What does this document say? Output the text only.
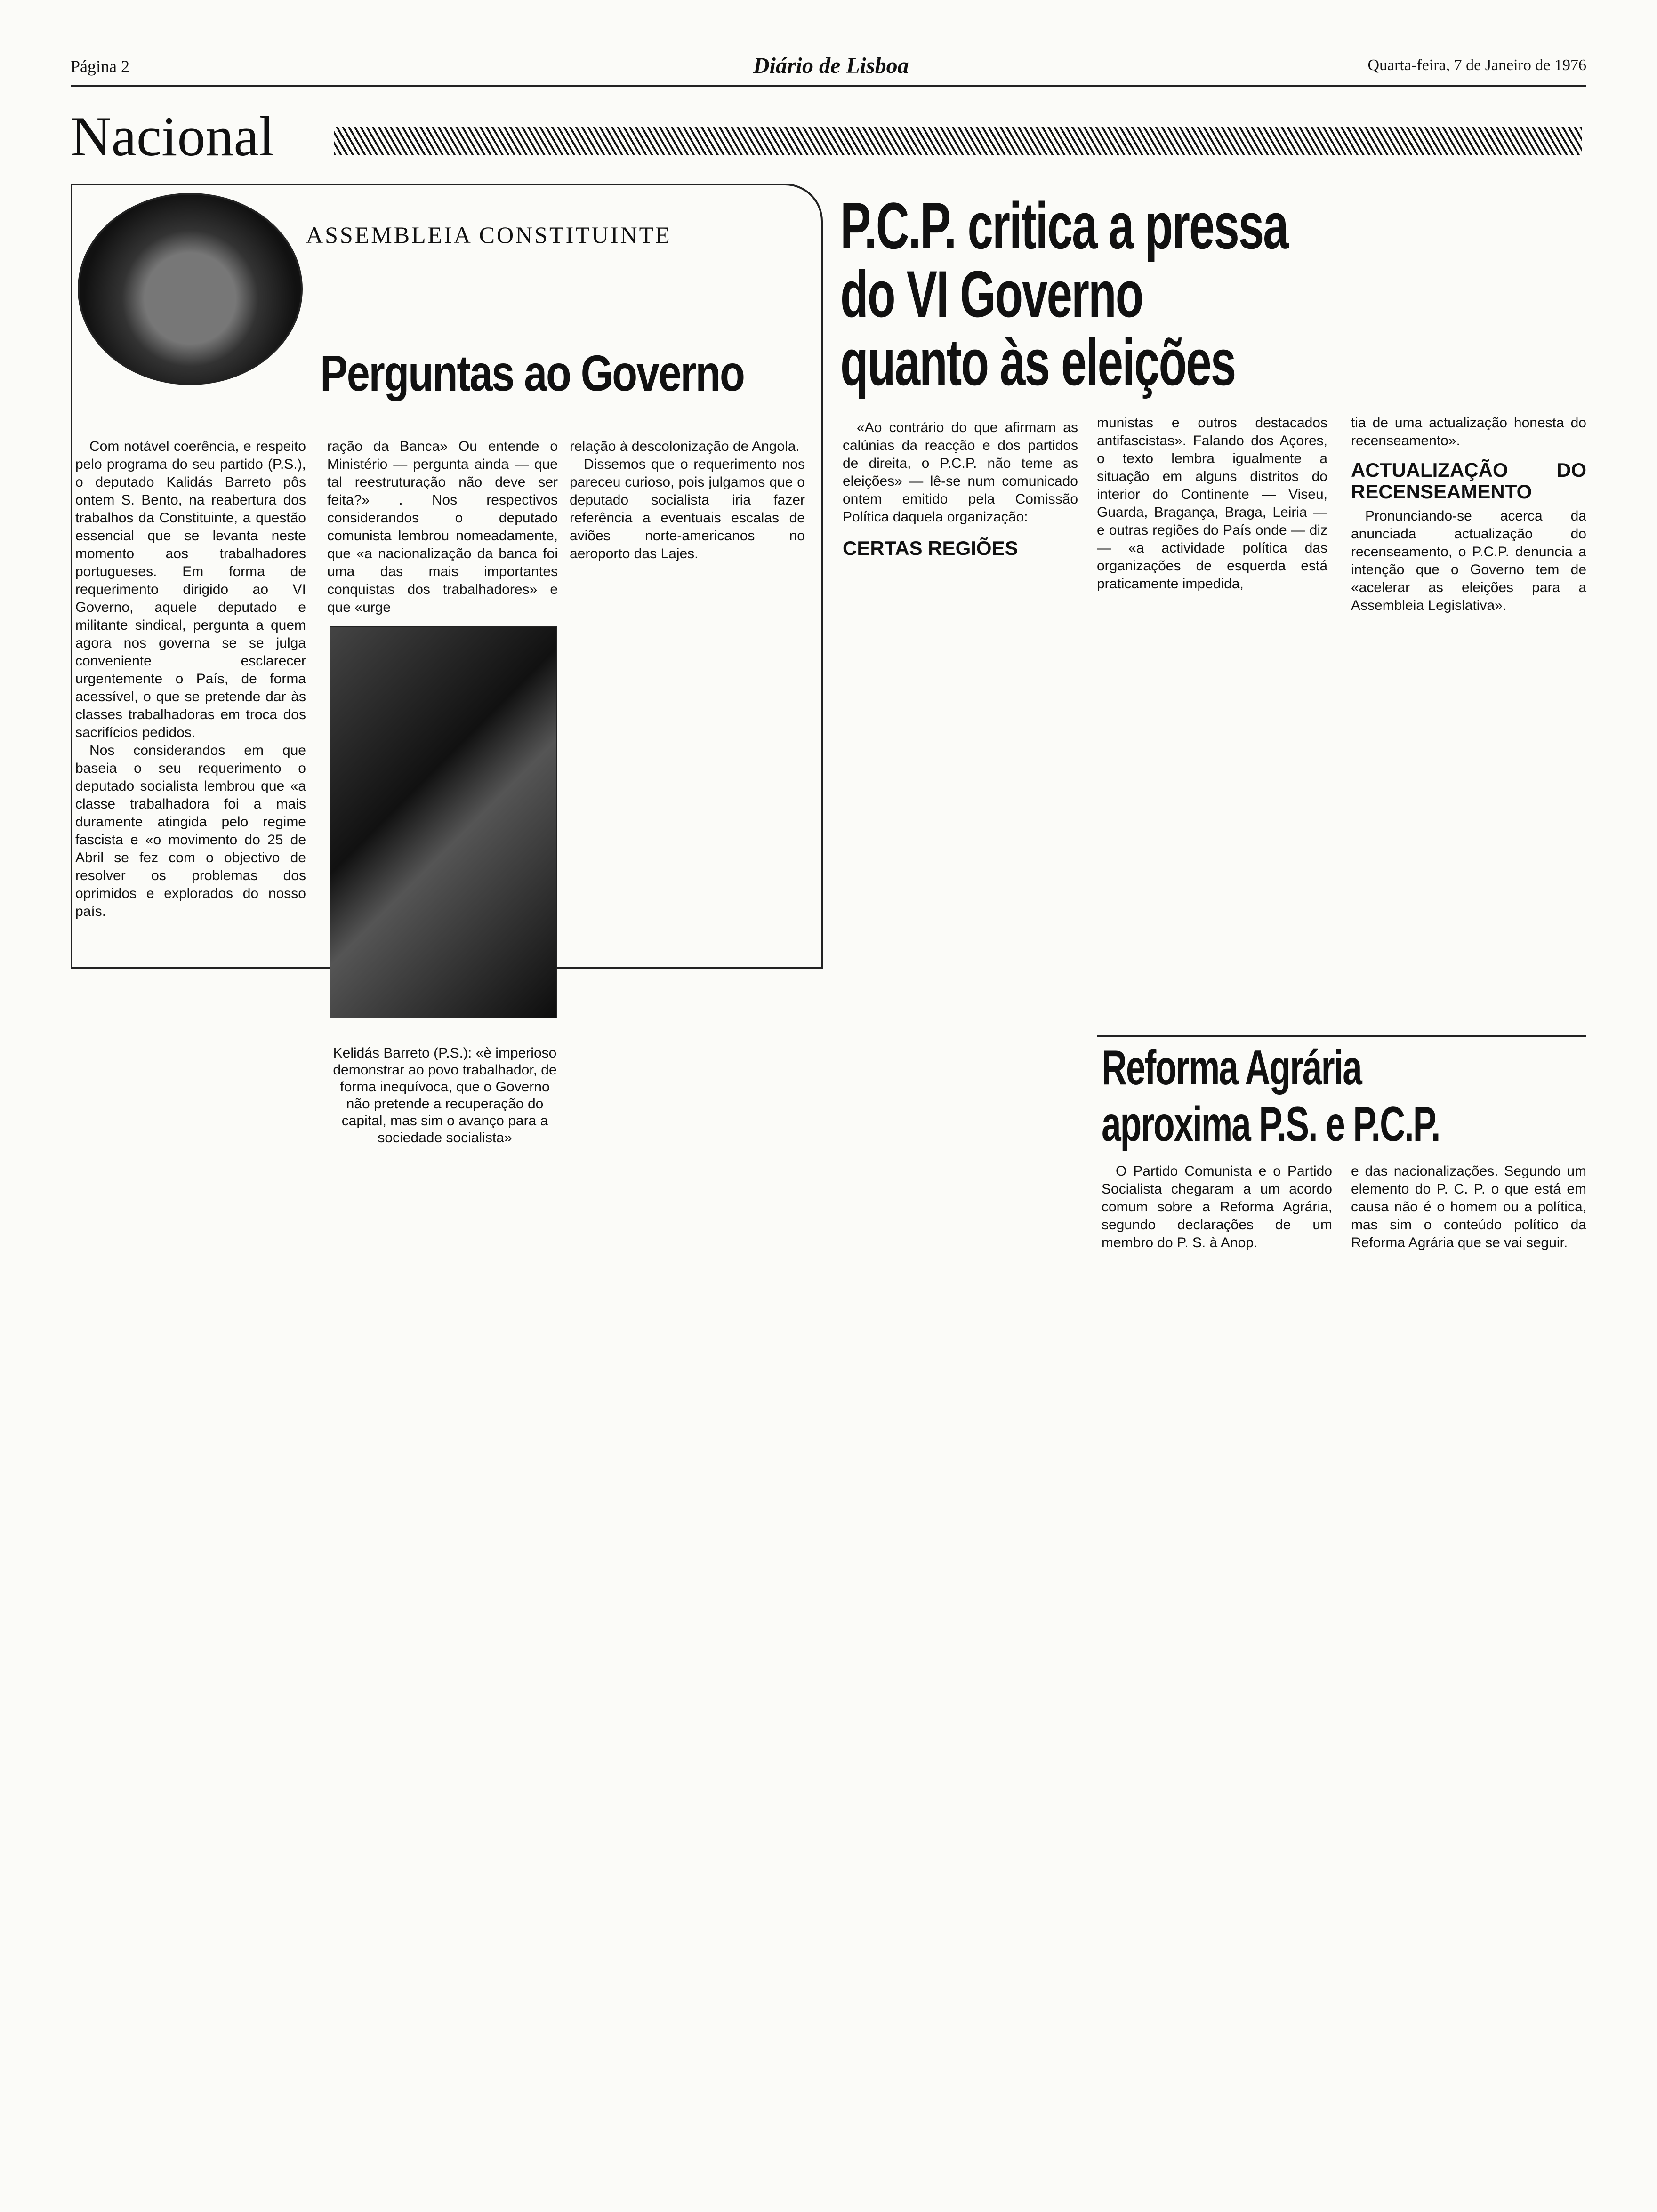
Página 2	Diário de Lisboa	Quarta-feira, 7 de Janeiro de 1976
Nacional
ASSEMBLEIA CONSTITUINTE
Perguntas ao Governo

Com notável coerência, e respeito pelo programa do seu partido (P.S.), o deputado Kalidás Barreto pôs ontem S. Bento, na reabertura dos trabalhos da Constituinte, a questão essencial que se levanta neste momento aos trabalhadores portugueses. Em forma de requerimento dirigido ao VI Governo, aquele deputado e militante sindical, pergunta a quem agora nos governa se se julga conveniente esclarecer urgentemente o País, de forma acessível, o que se pretende dar às classes trabalhadoras em troca dos sacrifícios pedidos.

Nos considerandos em que baseia o seu requerimento o deputado socialista lembrou que «a classe trabalhadora foi a mais duramente atingida pelo regime fascista e «o movimento do 25 de Abril se fez com o objectivo de resolver os problemas dos oprimidos e explorados do nosso país.

ração da Banca» Ou entende o Ministério — pergunta ainda — que tal reestruturação não deve ser feita?» . Nos respectivos considerandos o deputado comunista lembrou nomeadamente, que «a nacionalização da banca foi uma das mais importantes conquistas dos trabalhadores» e que «urge

Kelidás Barreto (P.S.): «è imperioso demonstrar ao povo trabalhador, de forma inequívoca, que o Governo não pretende a recuperação do capital, mas sim o avanço para a sociedade socialista»

relação à descolonização de Angola.

Dissemos que o requerimento nos pareceu curioso, pois julgamos que o deputado socialista iria fazer referência a eventuais escalas de aviões norte-americanos no aeroporto das Lajes.

P.C.P. critica a pressa
do VI Governo
quanto às eleições

«Ao contrário do que afirmam as calúnias da reacção e dos partidos de direita, o P.C.P. não teme as eleições» — lê-se num comunicado ontem emitido pela Comissão Política daquela organização:

CERTAS REGIÕES

munistas e outros destacados antifascistas». Falando dos Açores, o texto lembra igualmente a situação em alguns distritos do interior do Continente — Viseu, Guarda, Bragança, Braga, Leiria — e outras regiões do País onde — diz — «a actividade política das organizações de esquerda está praticamente impedida,

tia de uma actualização honesta do recenseamento».

ACTUALIZAÇÃO DO RECENSEAMENTO

Pronunciando-se acerca da anunciada actualização do recenseamento, o P.C.P. denuncia a intenção que o Governo tem de «acelerar as eleições para a Assembleia Legislativa».

Reforma Agrária
aproxima P.S. e P.C.P.

O Partido Comunista e o Partido Socialista chegaram a um acordo comum sobre a Reforma Agrária, segundo declarações de um membro do P. S. à Anop.

e das nacionalizações. Segundo um elemento do P. C. P. o que está em causa não é o homem ou a política, mas sim o conteúdo político da Reforma Agrária que se vai seguir.
